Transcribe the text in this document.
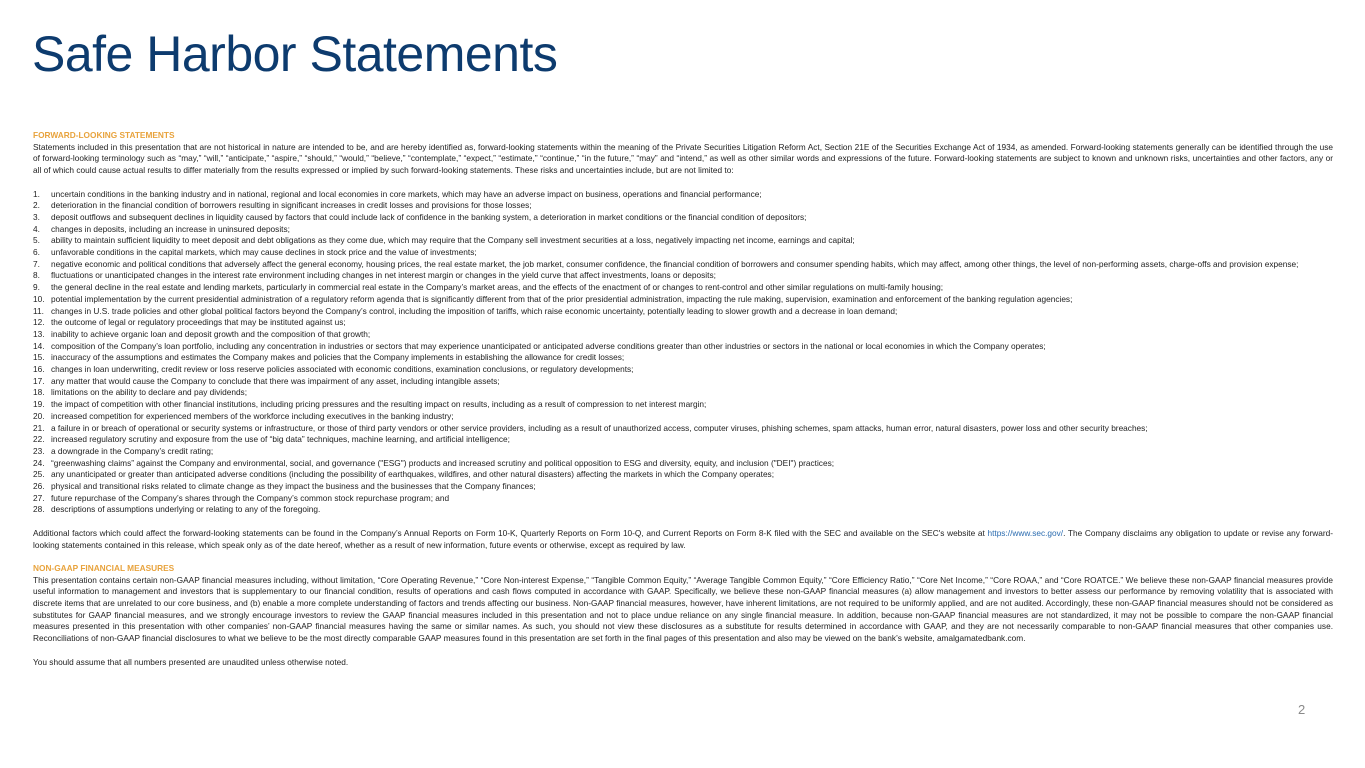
Safe Harbor Statements
FORWARD-LOOKING STATEMENTS

Statements included in this presentation that are not historical in nature are intended to be, and are hereby identified as, forward-looking statements within the meaning of the Private Securities Litigation Reform Act, Section 21E of the Securities Exchange Act of 1934, as amended. Forward-looking statements generally can be identified through the use of forward-looking terminology such as “may,” “will,” “anticipate,” “aspire,” “should,” “would,” “believe,” “contemplate,” “expect,” “estimate,” “continue,” “in the future,” “may” and “intend,” as well as other similar words and expressions of the future. Forward-looking statements are subject to known and unknown risks, uncertainties and other factors, any or all of which could cause actual results to differ materially from the results expressed or implied by such forward-looking statements. These risks and uncertainties include, but are not limited to:

1. uncertain conditions in the banking industry and in national, regional and local economies in core markets, which may have an adverse impact on business, operations and financial performance;
2. deterioration in the financial condition of borrowers resulting in significant increases in credit losses and provisions for those losses;
3. deposit outflows and subsequent declines in liquidity caused by factors that could include lack of confidence in the banking system, a deterioration in market conditions or the financial condition of depositors;
4. changes in deposits, including an increase in uninsured deposits;
5. ability to maintain sufficient liquidity to meet deposit and debt obligations as they come due, which may require that the Company sell investment securities at a loss, negatively impacting net income, earnings and capital;
6. unfavorable conditions in the capital markets, which may cause declines in stock price and the value of investments;
7. negative economic and political conditions that adversely affect the general economy, housing prices, the real estate market, the job market, consumer confidence, the financial condition of borrowers and consumer spending habits, which may affect, among other things, the level of non-performing assets, charge-offs and provision expense;
8. fluctuations or unanticipated changes in the interest rate environment including changes in net interest margin or changes in the yield curve that affect investments, loans or deposits;
9. the general decline in the real estate and lending markets, particularly in commercial real estate in the Company’s market areas, and the effects of the enactment of or changes to rent-control and other similar regulations on multi-family housing;
10. potential implementation by the current presidential administration of a regulatory reform agenda that is significantly different from that of the prior presidential administration, impacting the rule making, supervision, examination and enforcement of the banking regulation agencies;
11. changes in U.S. trade policies and other global political factors beyond the Company’s control, including the imposition of tariffs, which raise economic uncertainty, potentially leading to slower growth and a decrease in loan demand;
12. the outcome of legal or regulatory proceedings that may be instituted against us;
13. inability to achieve organic loan and deposit growth and the composition of that growth;
14. composition of the Company’s loan portfolio, including any concentration in industries or sectors that may experience unanticipated or anticipated adverse conditions greater than other industries or sectors in the national or local economies in which the Company operates;
15. inaccuracy of the assumptions and estimates the Company makes and policies that the Company implements in establishing the allowance for credit losses;
16. changes in loan underwriting, credit review or loss reserve policies associated with economic conditions, examination conclusions, or regulatory developments;
17. any matter that would cause the Company to conclude that there was impairment of any asset, including intangible assets;
18. limitations on the ability to declare and pay dividends;
19. the impact of competition with other financial institutions, including pricing pressures and the resulting impact on results, including as a result of compression to net interest margin;
20. increased competition for experienced members of the workforce including executives in the banking industry;
21. a failure in or breach of operational or security systems or infrastructure, or those of third party vendors or other service providers, including as a result of unauthorized access, computer viruses, phishing schemes, spam attacks, human error, natural disasters, power loss and other security breaches;
22. increased regulatory scrutiny and exposure from the use of “big data” techniques, machine learning, and artificial intelligence;
23. a downgrade in the Company’s credit rating;
24. “greenwashing claims” against the Company and environmental, social, and governance ("ESG") products and increased scrutiny and political opposition to ESG and diversity, equity, and inclusion ("DEI") practices;
25. any unanticipated or greater than anticipated adverse conditions (including the possibility of earthquakes, wildfires, and other natural disasters) affecting the markets in which the Company operates;
26. physical and transitional risks related to climate change as they impact the business and the businesses that the Company finances;
27. future repurchase of the Company’s shares through the Company’s common stock repurchase program; and
28. descriptions of assumptions underlying or relating to any of the foregoing.

Additional factors which could affect the forward-looking statements can be found in the Company’s Annual Reports on Form 10-K, Quarterly Reports on Form 10-Q, and Current Reports on Form 8-K filed with the SEC and available on the SEC's website at https://www.sec.gov/. The Company disclaims any obligation to update or revise any forward-looking statements contained in this release, which speak only as of the date hereof, whether as a result of new information, future events or otherwise, except as required by law.

NON-GAAP FINANCIAL MEASURES

This presentation contains certain non-GAAP financial measures including, without limitation, “Core Operating Revenue,” “Core Non-interest Expense,” “Tangible Common Equity,” “Average Tangible Common Equity,” “Core Efficiency Ratio,” “Core Net Income,” “Core ROAA,” and “Core ROATCE.” We believe these non-GAAP financial measures provide useful information to management and investors that is supplementary to our financial condition, results of operations and cash flows computed in accordance with GAAP. Specifically, we believe these non-GAAP financial measures (a) allow management and investors to better assess our performance by removing volatility that is associated with discrete items that are unrelated to our core business, and (b) enable a more complete understanding of factors and trends affecting our business. Non-GAAP financial measures, however, have inherent limitations, are not required to be uniformly applied, and are not audited. Accordingly, these non-GAAP financial measures should not be considered as substitutes for GAAP financial measures, and we strongly encourage investors to review the GAAP financial measures included in this presentation and not to place undue reliance on any single financial measure. In addition, because non-GAAP financial measures are not standardized, it may not be possible to compare the non-GAAP financial measures presented in this presentation with other companies’ non-GAAP financial measures having the same or similar names. As such, you should not view these disclosures as a substitute for results determined in accordance with GAAP, and they are not necessarily comparable to non-GAAP financial measures that other companies use. Reconciliations of non-GAAP financial disclosures to what we believe to be the most directly comparable GAAP measures found in this presentation are set forth in the final pages of this presentation and also may be viewed on the bank’s website, amalgamatedbank.com.

You should assume that all numbers presented are unaudited unless otherwise noted.

2
